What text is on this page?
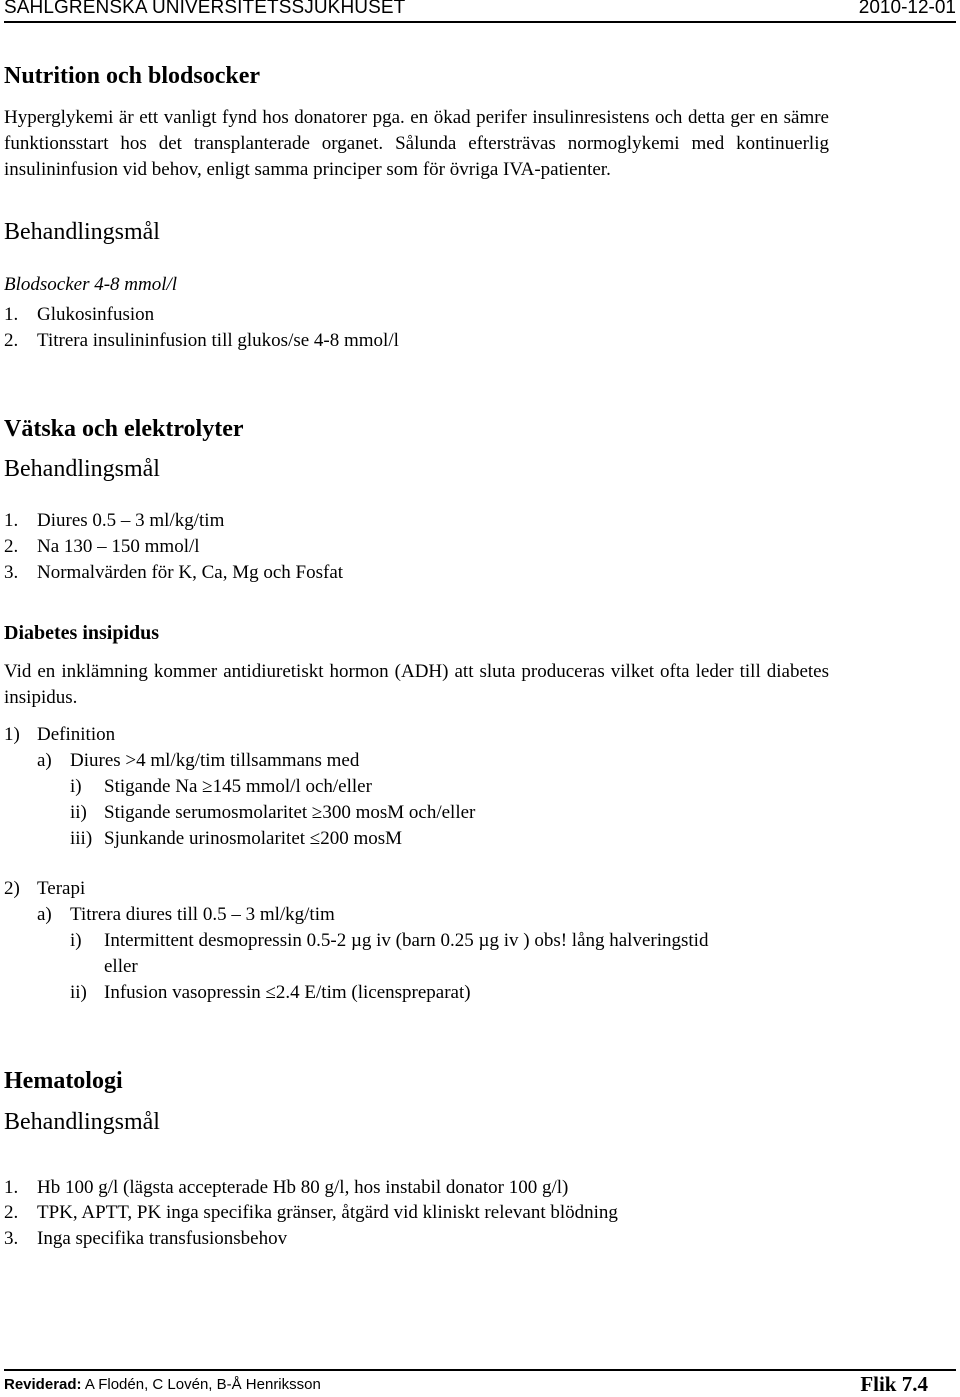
SAHLGRENSKA UNIVERSITETSSJUKHUSET	2010-12-01
Nutrition och blodsocker
Hyperglykemi är ett vanligt fynd hos donatorer pga. en ökad perifer insulinresistens och detta ger en sämre funktionsstart hos det transplanterade organet. Sålunda eftersträvas normoglykemi med kontinuerlig insulininfusion vid behov, enligt samma principer som för övriga IVA-patienter.
Behandlingsmål
Blodsocker 4-8 mmol/l
1. Glukosinfusion
2. Titrera insulininfusion till glukos/se 4-8 mmol/l
Vätska och elektrolyter
Behandlingsmål
1. Diures 0.5 – 3 ml/kg/tim
2. Na 130 – 150 mmol/l
3. Normalvärden för K, Ca, Mg och Fosfat
Diabetes insipidus
Vid en inklämning kommer antidiuretiskt hormon (ADH) att sluta produceras vilket ofta leder till diabetes insipidus.
1) Definition
a) Diures >4 ml/kg/tim tillsammans med
i) Stigande Na ≥145 mmol/l och/eller
ii) Stigande serumosmolaritet ≥300 mosM och/eller
iii) Sjunkande urinosmolaritet ≤200 mosM
2) Terapi
a) Titrera diures till 0.5 – 3 ml/kg/tim
i) Intermittent desmopressin 0.5-2 µg iv (barn 0.25 µg iv ) obs! lång halveringstid
eller
ii) Infusion vasopressin ≤2.4 E/tim (licenspreparat)
Hematologi
Behandlingsmål
1. Hb 100 g/l (lägsta accepterade Hb 80 g/l, hos instabil donator 100 g/l)
2. TPK, APTT, PK inga specifika gränser, åtgärd vid kliniskt relevant blödning
3. Inga specifika transfusionsbehov
Reviderad: A Flodén, C Lovén, B-Å Henriksson	Flik 7.4
